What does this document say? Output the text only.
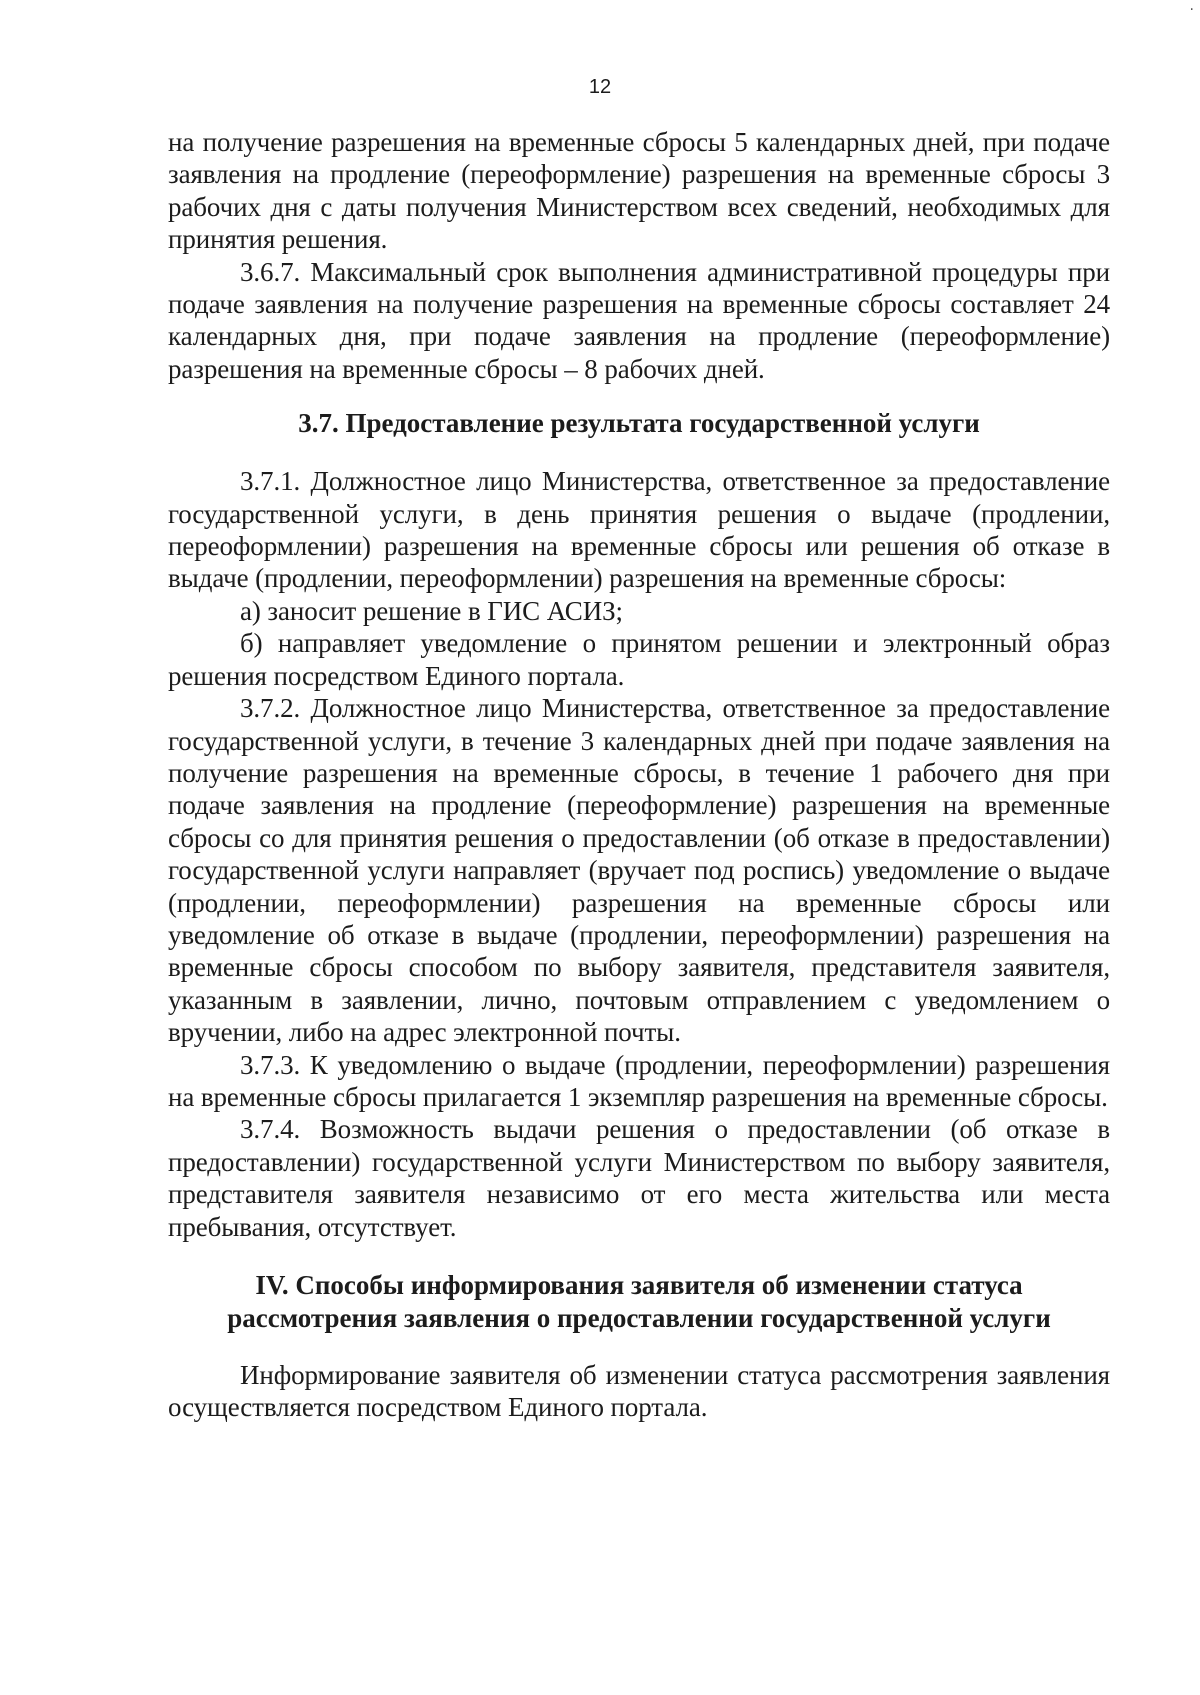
·
12

на получение разрешения на временные сбросы 5 календарных дней, при подаче заявления на продление (переоформление) разрешения на временные сбросы 3 рабочих дня с даты получения Министерством всех сведений, необходимых для принятия решения.

3.6.7. Максимальный срок выполнения административной процедуры при подаче заявления на получение разрешения на временные сбросы составляет 24 календарных дня, при подаче заявления на продление (переоформление) разрешения на временные сбросы – 8 рабочих дней.

3.7. Предоставление результата государственной услуги

3.7.1. Должностное лицо Министерства, ответственное за предоставление государственной услуги, в день принятия решения о выдаче (продлении, переоформлении) разрешения на временные сбросы или решения об отказе в выдаче (продлении, переоформлении) разрешения на временные сбросы:

а) заносит решение в ГИС АСИЗ;

б) направляет уведомление о принятом решении и электронный образ решения посредством Единого портала.

3.7.2. Должностное лицо Министерства, ответственное за предоставление государственной услуги, в течение 3 календарных дней при подаче заявления на получение разрешения на временные сбросы, в течение 1 рабочего дня при подаче заявления на продление (переоформление) разрешения на временные сбросы со для принятия решения о предоставлении (об отказе в предоставлении) государственной услуги направляет (вручает под роспись) уведомление о выдаче (продлении, переоформлении) разрешения на временные сбросы или уведомление об отказе в выдаче (продлении, переоформлении) разрешения на временные сбросы способом по выбору заявителя, представителя заявителя, указанным в заявлении, лично, почтовым отправлением с уведомлением о вручении, либо на адрес электронной почты.

3.7.3. К уведомлению о выдаче (продлении, переоформлении) разрешения на временные сбросы прилагается 1 экземпляр разрешения на временные сбросы.

3.7.4. Возможность выдачи решения о предоставлении (об отказе в предоставлении) государственной услуги Министерством по выбору заявителя, представителя заявителя независимо от его места жительства или места пребывания, отсутствует.

IV. Способы информирования заявителя об изменении статуса
рассмотрения заявления о предоставлении государственной услуги

Информирование заявителя об изменении статуса рассмотрения заявления осуществляется посредством Единого портала.
